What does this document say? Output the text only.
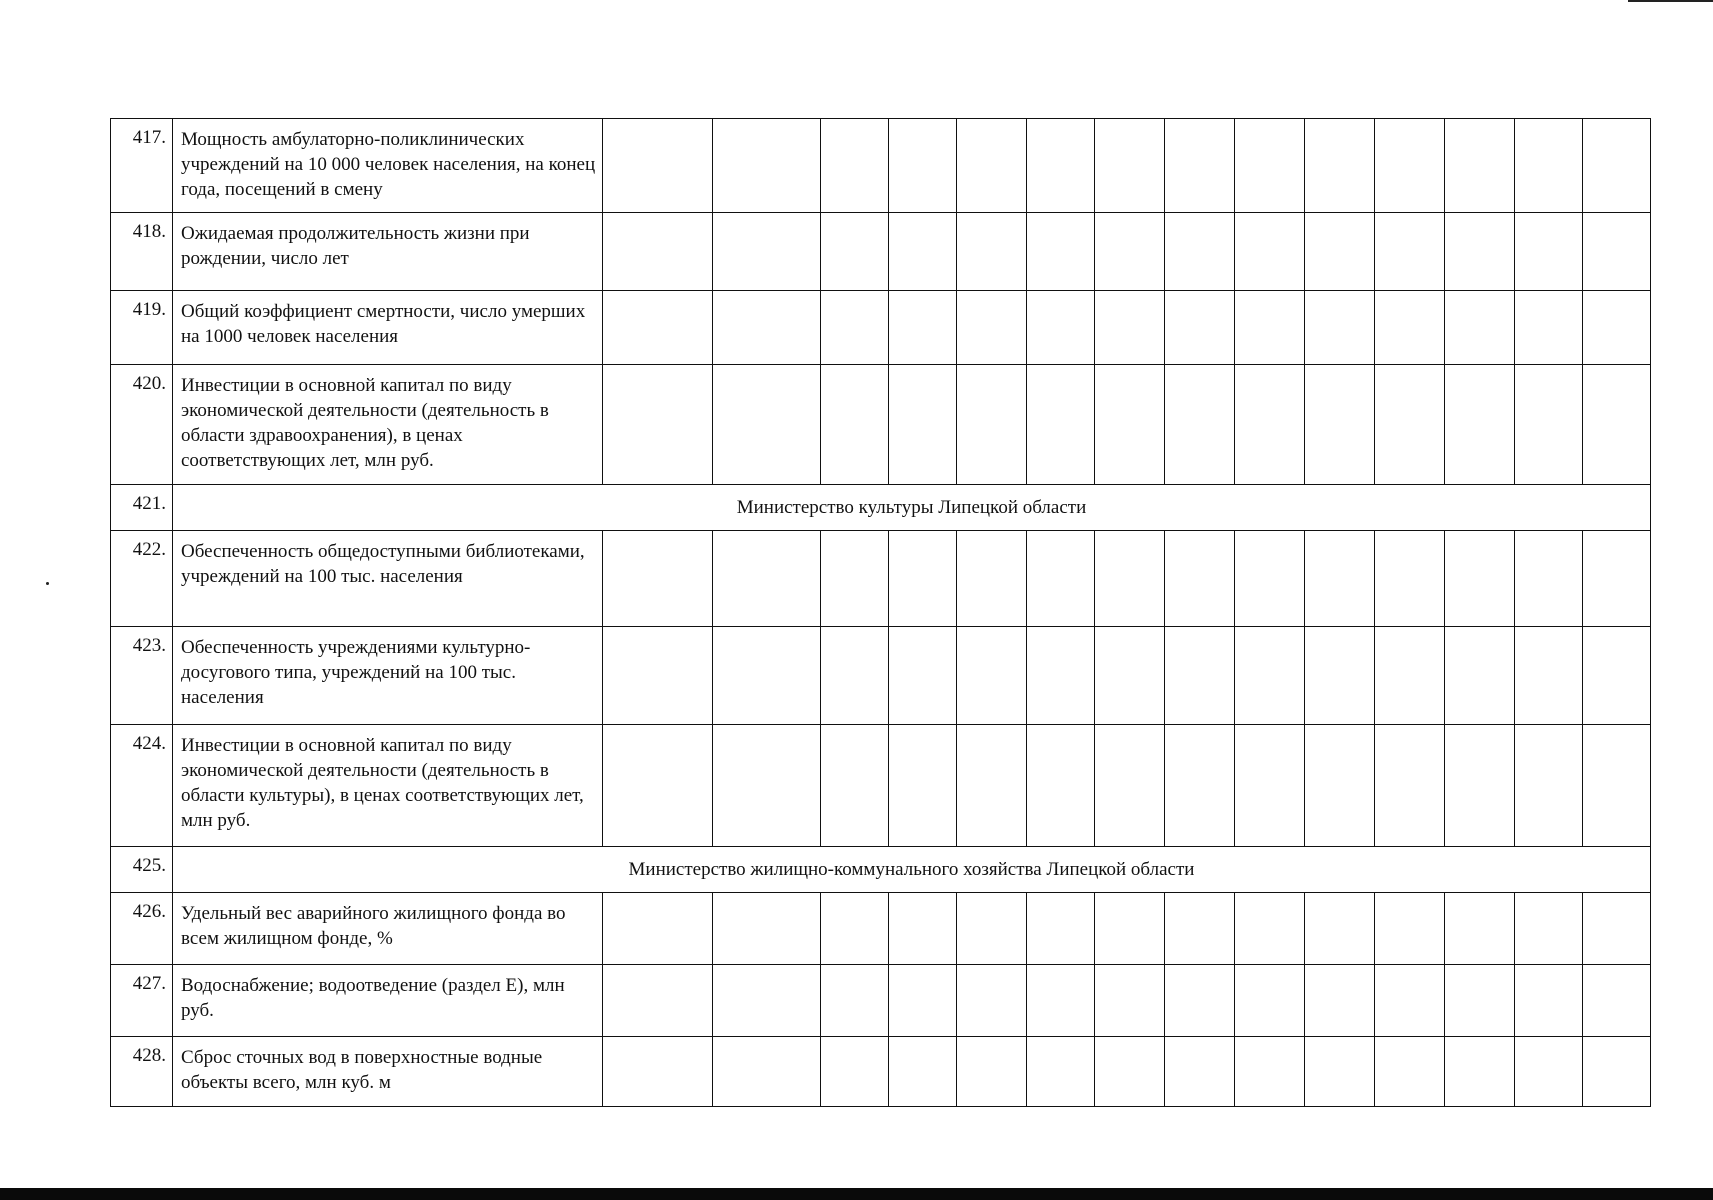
417.	Мощность амбулаторно-поликлинических учреждений на 10 000 человек населения, на конец года, посещений в смену														
418.	Ожидаемая продолжительность жизни при рождении, число лет														
419.	Общий коэффициент смертности, число умерших на 1000 человек населения														
420.	Инвестиции в основной капитал по виду экономической деятельности (деятельность в области здравоохранения), в ценах соответствующих лет, млн руб.														
421.	Министерство культуры Липецкой области														
422.	Обеспеченность общедоступными библиотеками, учреждений на 100 тыс. населения														
423.	Обеспеченность учреждениями культурно-досугового типа, учреждений на 100 тыс. населения														
424.	Инвестиции в основной капитал по виду экономической деятельности (деятельность в области культуры), в ценах соответствующих лет, млн руб.														
425.	Министерство жилищно-коммунального хозяйства Липецкой области														
426.	Удельный вес аварийного жилищного фонда во всем жилищном фонде, %														
427.	Водоснабжение; водоотведение (раздел E), млн руб.														
428.	Сброс сточных вод в поверхностные водные объекты всего, млн куб. м														
